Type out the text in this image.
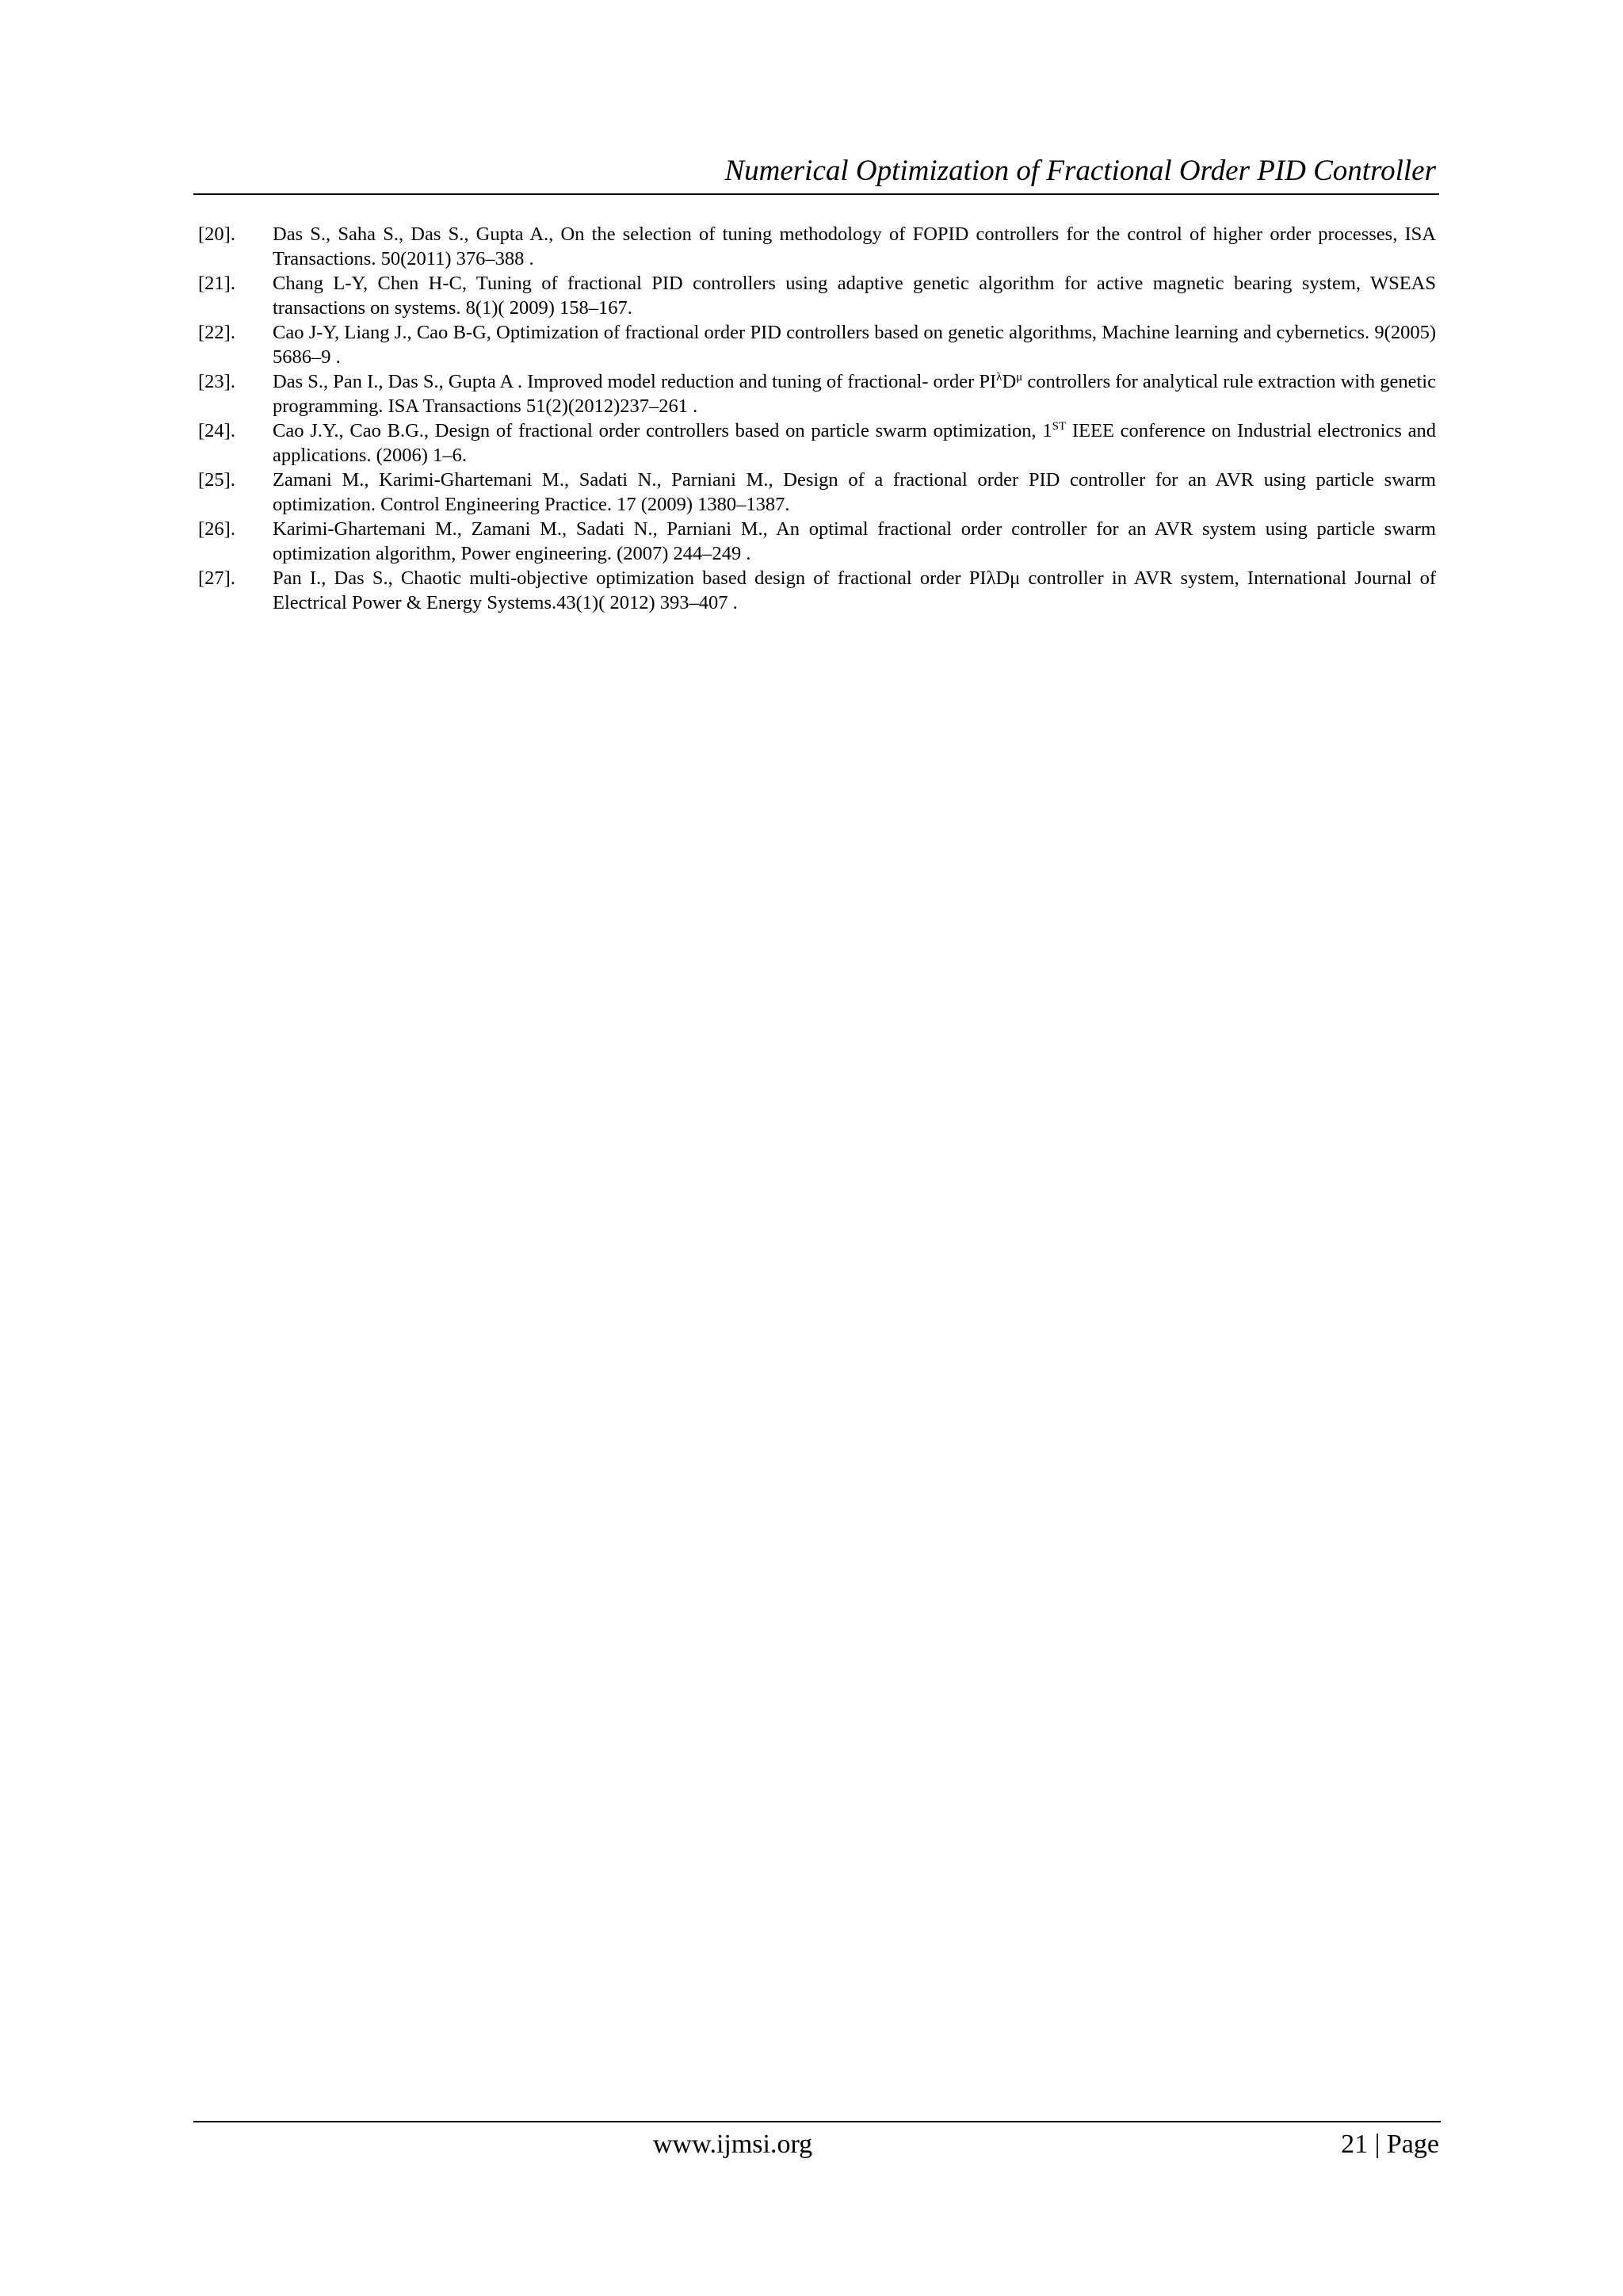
Numerical Optimization of Fractional Order PID Controller
[20]. Das S., Saha S., Das S., Gupta A., On the selection of tuning methodology of FOPID controllers for the control of higher order processes, ISA Transactions. 50(2011) 376–388 .
[21]. Chang L-Y, Chen H-C, Tuning of fractional PID controllers using adaptive genetic algorithm for active magnetic bearing system, WSEAS transactions on systems. 8(1)( 2009) 158–167.
[22]. Cao J-Y, Liang J., Cao B-G, Optimization of fractional order PID controllers based on genetic algorithms, Machine learning and cybernetics. 9(2005) 5686–9 .
[23]. Das S., Pan I., Das S., Gupta A . Improved model reduction and tuning of fractional- order $PI^\lambda D^\mu$ controllers for analytical rule extraction with genetic programming. ISA Transactions 51(2)(2012)237–261 .
[24]. Cao J.Y., Cao B.G., Design of fractional order controllers based on particle swarm optimization, 1ST IEEE conference on Industrial electronics and applications. (2006) 1–6.
[25]. Zamani M., Karimi-Ghartemani M., Sadati N., Parniani M., Design of a fractional order PID controller for an AVR using particle swarm optimization. Control Engineering Practice. 17 (2009) 1380–1387.
[26]. Karimi-Ghartemani M., Zamani M., Sadati N., Parniani M., An optimal fractional order controller for an AVR system using particle swarm optimization algorithm, Power engineering. (2007) 244–249 .
[27]. Pan I., Das S., Chaotic multi-objective optimization based design of fractional order PIλDμ controller in AVR system, International Journal of Electrical Power & Energy Systems.43(1)( 2012) 393–407 .
www.ijmsi.org	21 | Page
